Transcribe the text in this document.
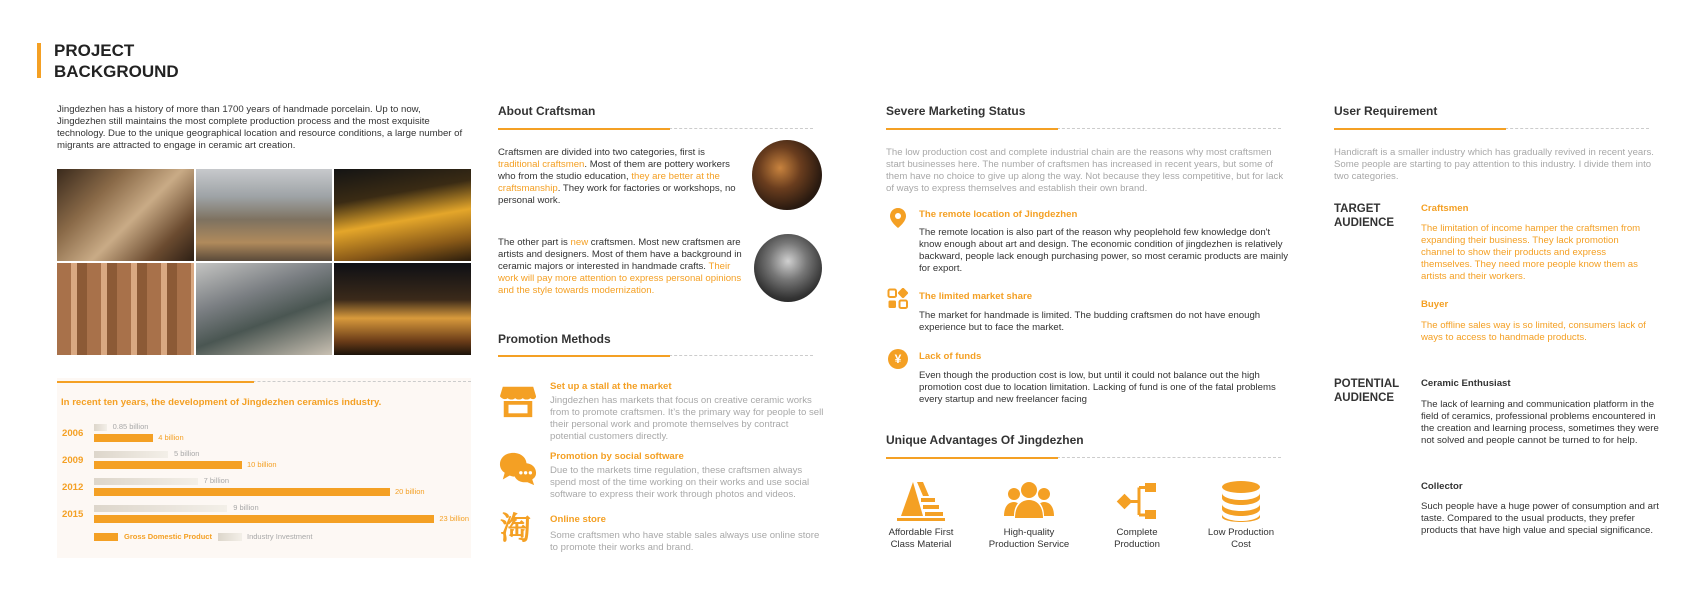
PROJECT
BACKGROUND
Jingdezhen has a history of more than 1700 years of handmade porcelain. Up to now, Jingdezhen still maintains the most complete production process and the most exquisite technology. Due to the unique geographical location and resource conditions, a large number of migrants are attracted to engage in ceramic art creation.
In recent ten years, the development of Jingdezhen ceramics industry.
About Craftsman
Craftsmen are divided into two categories, first is traditional craftsmen. Most of them are pottery workers who from the studio education, they are better at the craftsmanship. They work for factories or workshops, no personal work.
The other part is new craftsmen. Most new craftsmen are artists and designers. Most of them have a background in ceramic majors or interested in handmade crafts. Their work will pay more attention to express personal opinions and the style towards modernization.
Promotion Methods
Set up a stall at the market
Jingdezhen has markets that focus on creative ceramic works from to promote craftsmen. It’s the primary way for people to sell their personal work and promote themselves by contract potential customers directly.
Promotion by social software
Due to the markets time regulation, these craftsmen always spend most of the time working on their works and use social software to express their work through photos and videos.
淘 Online store
Some craftsmen who have stable sales always use online store to promote their works and brand.
Severe Marketing Status
The low production cost and complete industrial chain are the reasons why most craftsmen start businesses here. The number of craftsmen has increased in recent years, but some of them have no choice to give up along the way. Not because they less competitive, but for lack of ways to express themselves and establish their own brand.
The remote location of Jingdezhen
The remote location is also part of the reason why peoplehold few knowledge don't know enough about art and design. The economic condition of jingdezhen is relatively backward, people lack enough purchasing power, so most ceramic products are mainly for export.
The limited market share
The market for handmade is limited. The budding craftsmen do not have enough experience but to face the market.
¥	Lack of funds
Even though the production cost is low, but until it could not balance out the high promotion cost due to location limitation. Lacking of fund is one of the fatal problems every startup and new freelancer facing
Unique Advantages Of Jingdezhen
Affordable First
Class Material
High-quality
Production Service
Complete
Production
Low Production
Cost
User Requirement
Handicraft is a smaller industry which has gradually revived in recent years. Some people are starting to pay attention to this industry. I divide them into two categories.
TARGET
AUDIENCE
Craftsmen
The limitation of income hamper the craftsmen from expanding their business. They lack promotion channel to show their products and express themselves. They need more people know them as artists and their workers.
Buyer
The offline sales way is so limited, consumers lack of ways to access to handmade products.
POTENTIAL
AUDIENCE
Ceramic Enthusiast
The lack of learning and communication platform in the field of ceramics, professional problems encountered in the creation and learning process, sometimes they were not solved and people cannot be turned to for help.
Collector
Such people have a huge power of consumption and art taste. Compared to the usual products, they prefer products that have high value and special significance.
2006
0.85 billion
4 billion
2009
5 billion
10 billion
2012
7 billion
20 billion
2015
9 billion
23 billion
Gross Domestic Product	Industry Investment
